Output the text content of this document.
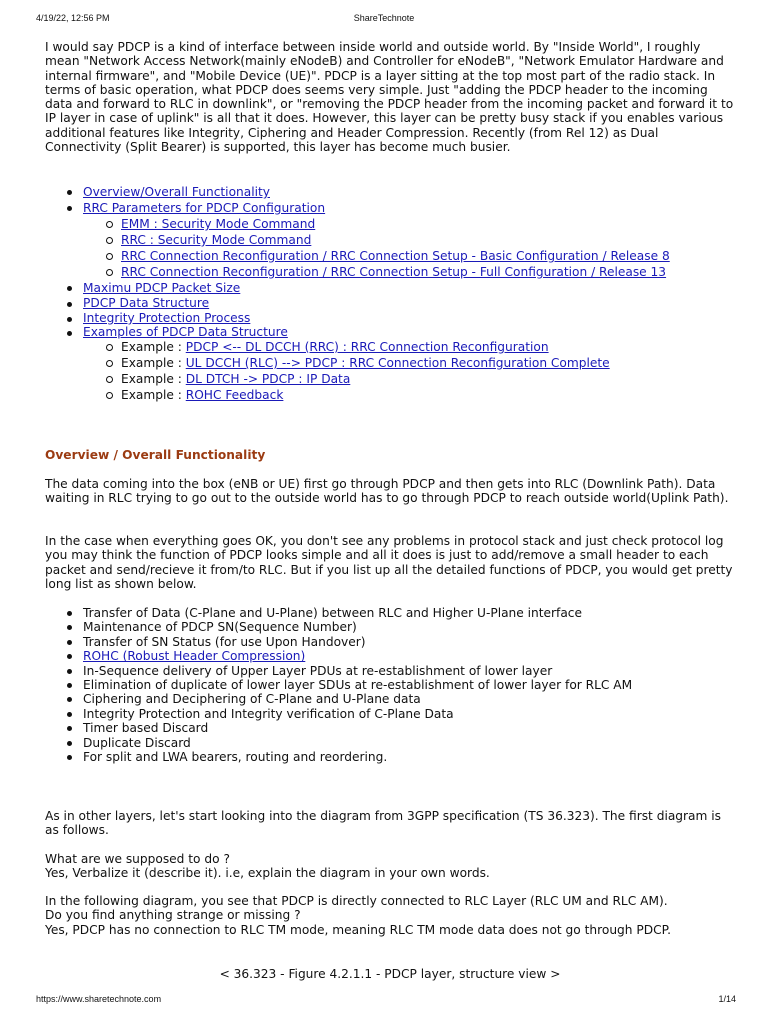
4/19/22, 12:56 PM	ShareTechnote

I would say PDCP is a kind of interface between inside world and outside world. By "Inside World", I roughly mean "Network Access Network(mainly eNodeB) and Controller for eNodeB", "Network Emulator Hardware and internal firmware", and "Mobile Device (UE)". PDCP is a layer sitting at the top most part of the radio stack. In terms of basic operation, what PDCP does seems very simple. Just "adding the PDCP header to the incoming data and forward to RLC in downlink", or "removing the PDCP header from the incoming packet and forward it to IP layer in case of uplink" is all that it does. However, this layer can be pretty busy stack if you enables various additional features like Integrity, Ciphering and Header Compression. Recently (from Rel 12) as Dual Connectivity (Split Bearer) is supported, this layer has become much busier.

Overview/Overall Functionality
RRC Parameters for PDCP Configuration
EMM : Security Mode Command
RRC : Security Mode Command
RRC Connection Reconfiguration / RRC Connection Setup - Basic Configuration / Release 8
RRC Connection Reconfiguration / RRC Connection Setup - Full Configuration / Release 13
Maximu PDCP Packet Size
PDCP Data Structure
Integrity Protection Process
Examples of PDCP Data Structure
Example : PDCP <-- DL DCCH (RRC) : RRC Connection Reconfiguration
Example : UL DCCH (RLC) --> PDCP : RRC Connection Reconfiguration Complete
Example : DL DTCH -> PDCP : IP Data
Example : ROHC Feedback
Overview / Overall Functionality

The data coming into the box (eNB or UE) first go through PDCP and then gets into RLC (Downlink Path). Data waiting in RLC trying to go out to the outside world has to go through PDCP to reach outside world(Uplink Path).

In the case when everything goes OK, you don't see any problems in protocol stack and just check protocol log you may think the function of PDCP looks simple and all it does is just to add/remove a small header to each packet and send/recieve it from/to RLC. But if you list up all the detailed functions of PDCP, you would get pretty long list as shown below.

Transfer of Data (C-Plane and U-Plane) between RLC and Higher U-Plane interface
Maintenance of PDCP SN(Sequence Number)
Transfer of SN Status (for use Upon Handover)
ROHC (Robust Header Compression)
In-Sequence delivery of Upper Layer PDUs at re-establishment of lower layer
Elimination of duplicate of lower layer SDUs at re-establishment of lower layer for RLC AM
Ciphering and Deciphering of C-Plane and U-Plane data
Integrity Protection and Integrity verification of C-Plane Data
Timer based Discard
Duplicate Discard
For split and LWA bearers, routing and reordering.

As in other layers, let's start looking into the diagram from 3GPP specification (TS 36.323). The first diagram is as follows.

What are we supposed to do ?

Yes, Verbalize it (describe it). i.e, explain the diagram in your own words.

In the following diagram, you see that PDCP is directly connected to RLC Layer (RLC UM and RLC AM).

Do you find anything strange or missing ?

Yes, PDCP has no connection to RLC TM mode, meaning RLC TM mode data does not go through PDCP.

< 36.323 - Figure 4.2.1.1 - PDCP layer, structure view >

https://www.sharetechnote.com	1/14
